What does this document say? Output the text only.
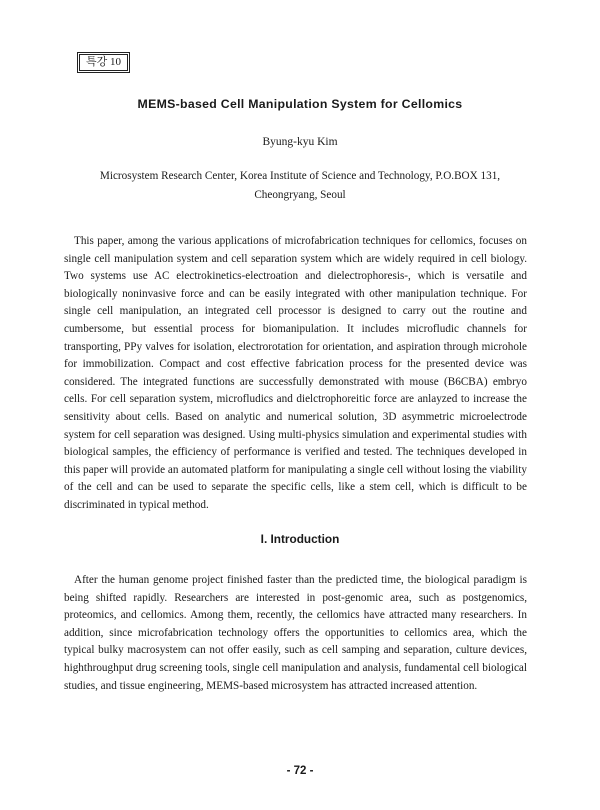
특강 10
MEMS-based Cell Manipulation System for Cellomics
Byung-kyu Kim
Microsystem Research Center, Korea Institute of Science and Technology, P.O.BOX 131,
Cheongryang, Seoul

This paper, among the various applications of microfabrication techniques for cellomics, focuses on single cell manipulation system and cell separation system which are widely required in cell biology. Two systems use AC electrokinetics-electroation and dielectrophoresis-, which is versatile and biologically noninvasive force and can be easily integrated with other manipulation technique. For single cell manipulation, an integrated cell processor is designed to carry out the routine and cumbersome, but essential process for biomanipulation. It includes microfludic channels for transporting, PPy valves for isolation, electrorotation for orientation, and aspiration through microhole for immobilization. Compact and cost effective fabrication process for the presented device was considered. The integrated functions are successfully demonstrated with mouse (B6CBA) embryo cells. For cell separation system, microfludics and dielctrophoreitic force are anlayzed to increase the sensitivity about cells. Based on analytic and numerical solution, 3D asymmetric microelectrode system for cell separation was designed. Using multi-physics simulation and experimental studies with biological samples, the efficiency of performance is verified and tested. The techniques developed in this paper will provide an automated platform for manipulating a single cell without losing the viability of the cell and can be used to separate the specific cells, like a stem cell, which is difficult to be discriminated in typical method.

I. Introduction

After the human genome project finished faster than the predicted time, the biological paradigm is being shifted rapidly. Researchers are interested in post-genomic area, such as postgenomics, proteomics, and cellomics. Among them, recently, the cellomics have attracted many researchers. In addition, since microfabrication technology offers the opportunities to cellomics area, which the typical bulky macrosystem can not offer easily, such as cell samping and separation, culture devices, highthroughput drug screening tools, single cell manipulation and analysis, fundamental cell biological studies, and tissue engineering, MEMS-based microsystem has attracted increased attention.

- 72 -
